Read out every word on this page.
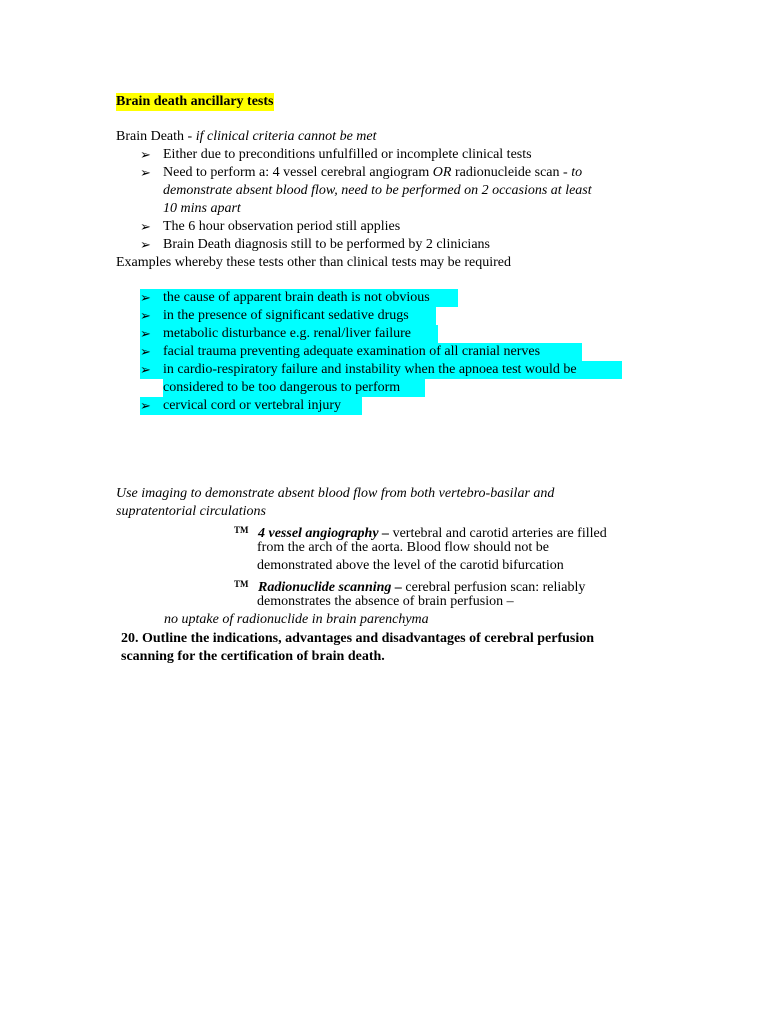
Brain death ancillary tests
Brain Death - if clinical criteria cannot be met
➢ Either due to preconditions unfulfilled or incomplete clinical tests
➢ Need to perform a: 4 vessel cerebral angiogram OR radionucleide scan - to
demonstrate absent blood flow, need to be performed on 2 occasions at least
10 mins apart
➢ The 6 hour observation period still applies
➢ Brain Death diagnosis still to be performed by 2 clinicians
Examples whereby these tests other than clinical tests may be required
➢ the cause of apparent brain death is not obvious
➢ in the presence of significant sedative drugs
➢ metabolic disturbance e.g. renal/liver failure
➢ facial trauma preventing adequate examination of all cranial nerves
➢ in cardio-respiratory failure and instability when the apnoea test would be
considered to be too dangerous to perform
➢ cervical cord or vertebral injury
Use imaging to demonstrate absent blood flow from both vertebro-basilar and
supratentorial circulations
™ 4 vessel angiography – vertebral and carotid arteries are filled
from the arch of the aorta. Blood flow should not be
demonstrated above the level of the carotid bifurcation
™ Radionuclide scanning – cerebral perfusion scan: reliably
demonstrates the absence of brain perfusion –
no uptake of radionuclide in brain parenchyma
20. Outline the indications, advantages and disadvantages of cerebral perfusion
scanning for the certification of brain death.
